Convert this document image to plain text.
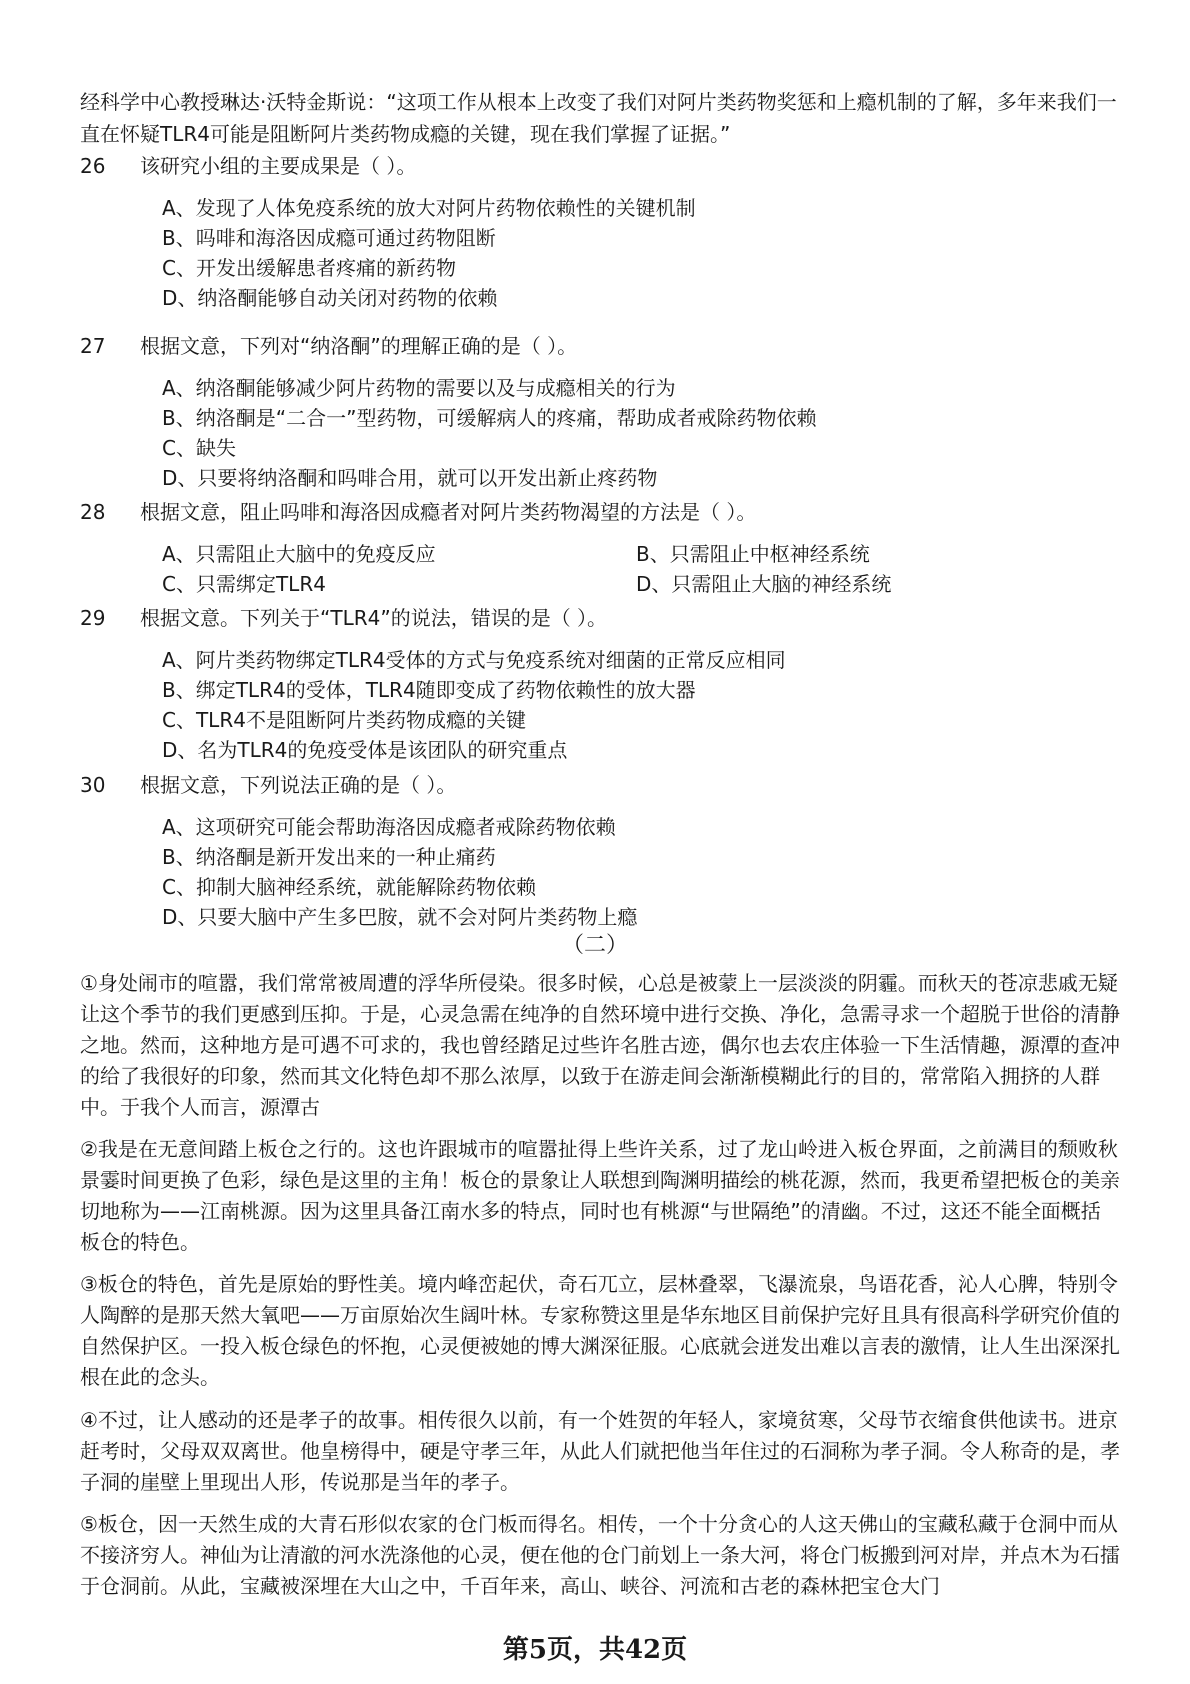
经科学中心教授琳达·沃特金斯说：“这项工作从根本上改变了我们对阿片类药物奖惩和上瘾机制的了解，多年来我们一直在怀疑TLR4可能是阻断阿片类药物成瘾的关键，现在我们掌握了证据。”
26	该研究小组的主要成果是（ ）。
A、发现了人体免疫系统的放大对阿片药物依赖性的关键机制
B、吗啡和海洛因成瘾可通过药物阻断
C、开发出缓解患者疼痛的新药物
D、纳洛酮能够自动关闭对药物的依赖
27	根据文意，下列对“纳洛酮”的理解正确的是（ ）。
A、纳洛酮能够减少阿片药物的需要以及与成瘾相关的行为
B、纳洛酮是“二合一”型药物，可缓解病人的疼痛，帮助成者戒除药物依赖
C、缺失
D、只要将纳洛酮和吗啡合用，就可以开发出新止疼药物
28	根据文意，阻止吗啡和海洛因成瘾者对阿片类药物渴望的方法是（ ）。
A、只需阻止大脑中的免疫反应	B、只需阻止中枢神经系统
C、只需绑定TLR4	D、只需阻止大脑的神经系统
29	根据文意。下列关于“TLR4”的说法，错误的是（ ）。
A、阿片类药物绑定TLR4受体的方式与免疫系统对细菌的正常反应相同
B、绑定TLR4的受体，TLR4随即变成了药物依赖性的放大器
C、TLR4不是阻断阿片类药物成瘾的关键
D、名为TLR4的免疫受体是该团队的研究重点
30	根据文意，下列说法正确的是（ ）。
A、这项研究可能会帮助海洛因成瘾者戒除药物依赖
B、纳洛酮是新开发出来的一种止痛药
C、抑制大脑神经系统，就能解除药物依赖
D、只要大脑中产生多巴胺，就不会对阿片类药物上瘾
（二）
①身处闹市的喧嚣，我们常常被周遭的浮华所侵染。很多时候，心总是被蒙上一层淡淡的阴霾。而秋天的苍凉悲戚无疑让这个季节的我们更感到压抑。于是，心灵急需在纯净的自然环境中进行交换、净化，急需寻求一个超脱于世俗的清静之地。然而，这种地方是可遇不可求的，我也曾经踏足过些许名胜古迹，偶尔也去农庄体验一下生活情趣，源潭的查冲的给了我很好的印象，然而其文化特色却不那么浓厚，以致于在游走间会渐渐模糊此行的目的，常常陷入拥挤的人群中。于我个人而言，源潭古
②我是在无意间踏上板仓之行的。这也许跟城市的喧嚣扯得上些许关系，过了龙山岭进入板仓界面，之前满目的颓败秋景霎时间更换了色彩，绿色是这里的主角！板仓的景象让人联想到陶渊明描绘的桃花源，然而，我更希望把板仓的美亲切地称为——江南桃源。因为这里具备江南水多的特点，同时也有桃源“与世隔绝”的清幽。不过，这还不能全面概括板仓的特色。
③板仓的特色，首先是原始的野性美。境内峰峦起伏，奇石兀立，层林叠翠，飞瀑流泉，鸟语花香，沁人心脾，特别令人陶醉的是那天然大氧吧——万亩原始次生阔叶林。专家称赞这里是华东地区目前保护完好且具有很高科学研究价值的自然保护区。一投入板仓绿色的怀抱，心灵便被她的博大渊深征服。心底就会迸发出难以言表的激情，让人生出深深扎根在此的念头。
④不过，让人感动的还是孝子的故事。相传很久以前，有一个姓贺的年轻人，家境贫寒，父母节衣缩食供他读书。进京赶考时，父母双双离世。他皇榜得中，硬是守孝三年，从此人们就把他当年住过的石洞称为孝子洞。令人称奇的是，孝子洞的崖壁上里现出人形，传说那是当年的孝子。
⑤板仓，因一天然生成的大青石形似农家的仓门板而得名。相传，一个十分贪心的人这天佛山的宝藏私藏于仓洞中而从不接济穷人。神仙为让清澈的河水洗涤他的心灵，便在他的仓门前划上一条大河，将仓门板搬到河对岸，并点木为石擂于仓洞前。从此，宝藏被深埋在大山之中，千百年来，高山、峡谷、河流和古老的森林把宝仓大门
第5页，共42页
